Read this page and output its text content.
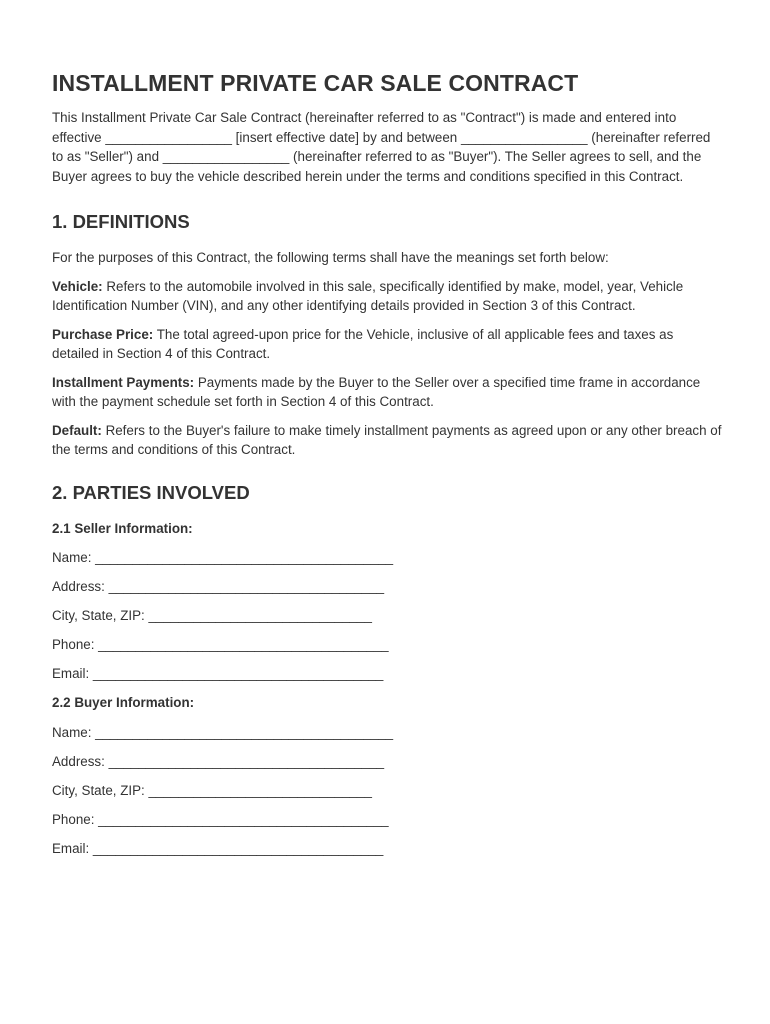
INSTALLMENT PRIVATE CAR SALE CONTRACT

This Installment Private Car Sale Contract (hereinafter referred to as "Contract") is made and entered into effective _________________ [insert effective date] by and between _________________ (hereinafter referred to as "Seller") and _________________ (hereinafter referred to as "Buyer"). The Seller agrees to sell, and the Buyer agrees to buy the vehicle described herein under the terms and conditions specified in this Contract.

1. DEFINITIONS

For the purposes of this Contract, the following terms shall have the meanings set forth below:

Vehicle: Refers to the automobile involved in this sale, specifically identified by make, model, year, Vehicle Identification Number (VIN), and any other identifying details provided in Section 3 of this Contract.

Purchase Price: The total agreed-upon price for the Vehicle, inclusive of all applicable fees and taxes as detailed in Section 4 of this Contract.

Installment Payments: Payments made by the Buyer to the Seller over a specified time frame in accordance with the payment schedule set forth in Section 4 of this Contract.

Default: Refers to the Buyer's failure to make timely installment payments as agreed upon or any other breach of the terms and conditions of this Contract.

2. PARTIES INVOLVED
2.1 Seller Information:
Name: ________________________________________
Address: _____________________________________
City, State, ZIP: ______________________________
Phone: _______________________________________
Email: _______________________________________
2.2 Buyer Information:
Name: ________________________________________
Address: _____________________________________
City, State, ZIP: ______________________________
Phone: _______________________________________
Email: _______________________________________
